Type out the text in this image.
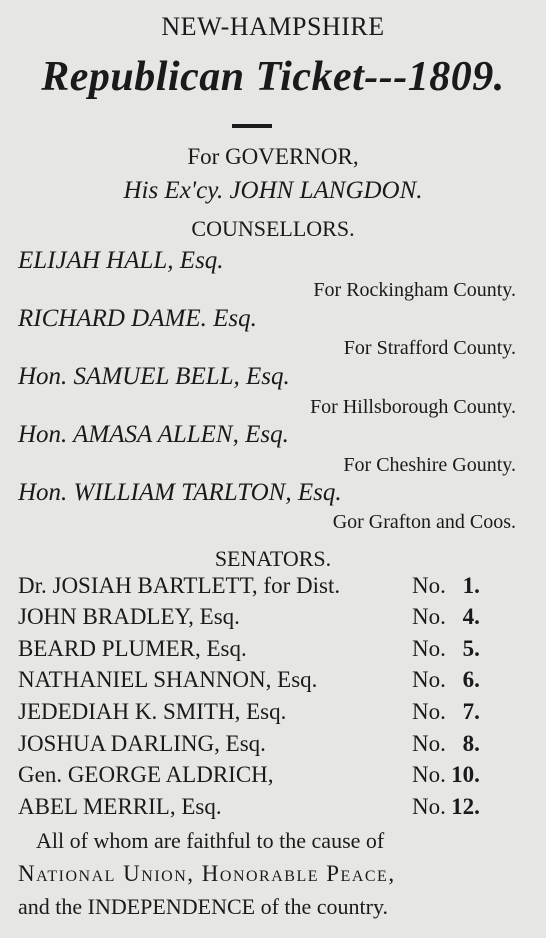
NEW-HAMPSHIRE
Republican Ticket---1809.
For GOVERNOR,
His Ex'cy. JOHN LANGDON.
COUNSELLORS.
ELIJAH HALL, Esq.
For Rockingham County.
RICHARD DAME. Esq.
For Strafford County.
Hon. SAMUEL BELL, Esq.
For Hillsborough County.
Hon. AMASA ALLEN, Esq.
For Cheshire Gounty.
Hon. WILLIAM TARLTON, Esq.
Gor Grafton and Coos.
SENATORS.
Dr. JOSIAH BARTLETT, for Dist.	No. 1.
JOHN BRADLEY, Esq.	No. 4.
BEARD PLUMER, Esq.	No. 5.
NATHANIEL SHANNON, Esq.	No. 6.
JEDEDIAH K. SMITH, Esq.	No. 7.
JOSHUA DARLING, Esq.	No. 8.
Gen. GEORGE ALDRICH,	No. 10.
ABEL MERRIL, Esq.	No. 12.
All of whom are faithful to the cause of
National Union, Honorable Peace,
and the INDEPENDENCE of the country.
